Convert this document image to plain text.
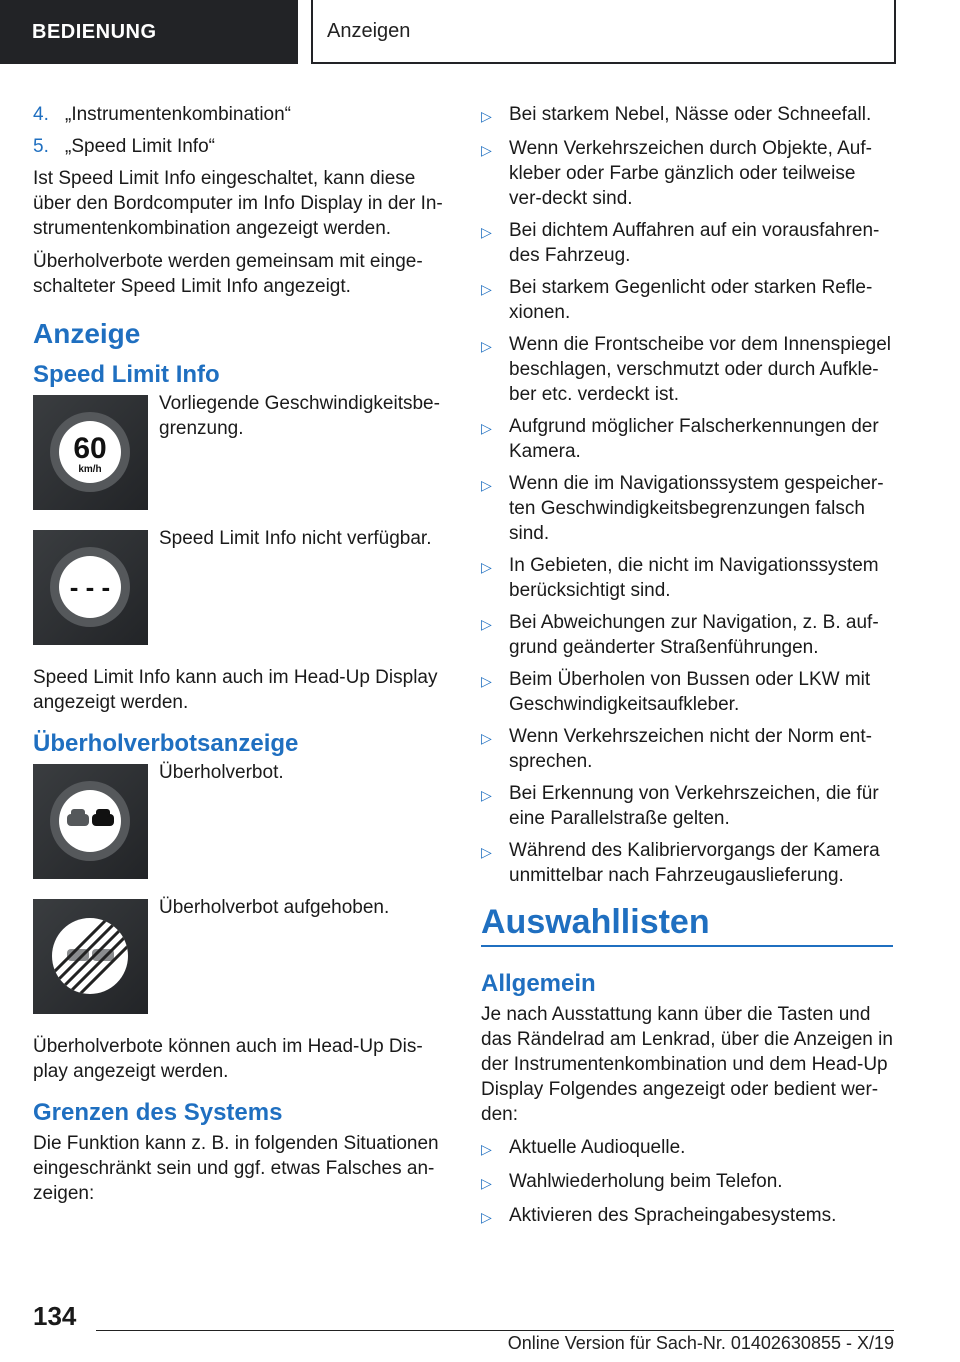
BEDIENUNG	Anzeigen
4. „Instrumentenkombination“
5. „Speed Limit Info“

Ist Speed Limit Info eingeschaltet, kann diese über den Bordcomputer im Info Display in der In-strumentenkombination angezeigt werden.

Überholverbote werden gemeinsam mit einge-schalteter Speed Limit Info angezeigt.

Anzeige
Speed Limit Info
60
km/h
Vorliegende Geschwindigkeitsbe-grenzung.
- - -
Speed Limit Info nicht verfügbar.

Speed Limit Info kann auch im Head-Up Display angezeigt werden.

Überholverbotsanzeige
Überholverbot.
Überholverbot aufgehoben.

Überholverbote können auch im Head-Up Dis-play angezeigt werden.

Grenzen des Systems

Die Funktion kann z. B. in folgenden Situationen eingeschränkt sein und ggf. etwas Falsches an-zeigen:

▷ Bei starkem Nebel, Nässe oder Schneefall.
▷ Wenn Verkehrszeichen durch Objekte, Auf-kleber oder Farbe gänzlich oder teilweise ver-deckt sind.
▷ Bei dichtem Auffahren auf ein vorausfahren-des Fahrzeug.
▷ Bei starkem Gegenlicht oder starken Refle-xionen.
▷ Wenn die Frontscheibe vor dem Innenspiegel beschlagen, verschmutzt oder durch Aufkle-ber etc. verdeckt ist.
▷ Aufgrund möglicher Falscherkennungen der Kamera.
▷ Wenn die im Navigationssystem gespeicher-ten Geschwindigkeitsbegrenzungen falsch sind.
▷ In Gebieten, die nicht im Navigationssystem berücksichtigt sind.
▷ Bei Abweichungen zur Navigation, z. B. auf-grund geänderter Straßenführungen.
▷ Beim Überholen von Bussen oder LKW mit Geschwindigkeitsaufkleber.
▷ Wenn Verkehrszeichen nicht der Norm ent-sprechen.
▷ Bei Erkennung von Verkehrszeichen, die für eine Parallelstraße gelten.
▷ Während des Kalibriervorgangs der Kamera unmittelbar nach Fahrzeugauslieferung.
Auswahllisten
Allgemein

Je nach Ausstattung kann über die Tasten und das Rändelrad am Lenkrad, über die Anzeigen in der Instrumentenkombination und dem Head-Up Display Folgendes angezeigt oder bedient wer-den:

▷ Aktuelle Audioquelle.
▷ Wahlwiederholung beim Telefon.
▷ Aktivieren des Spracheingabesystems.
134
Online Version für Sach-Nr. 01402630855 - X/19
